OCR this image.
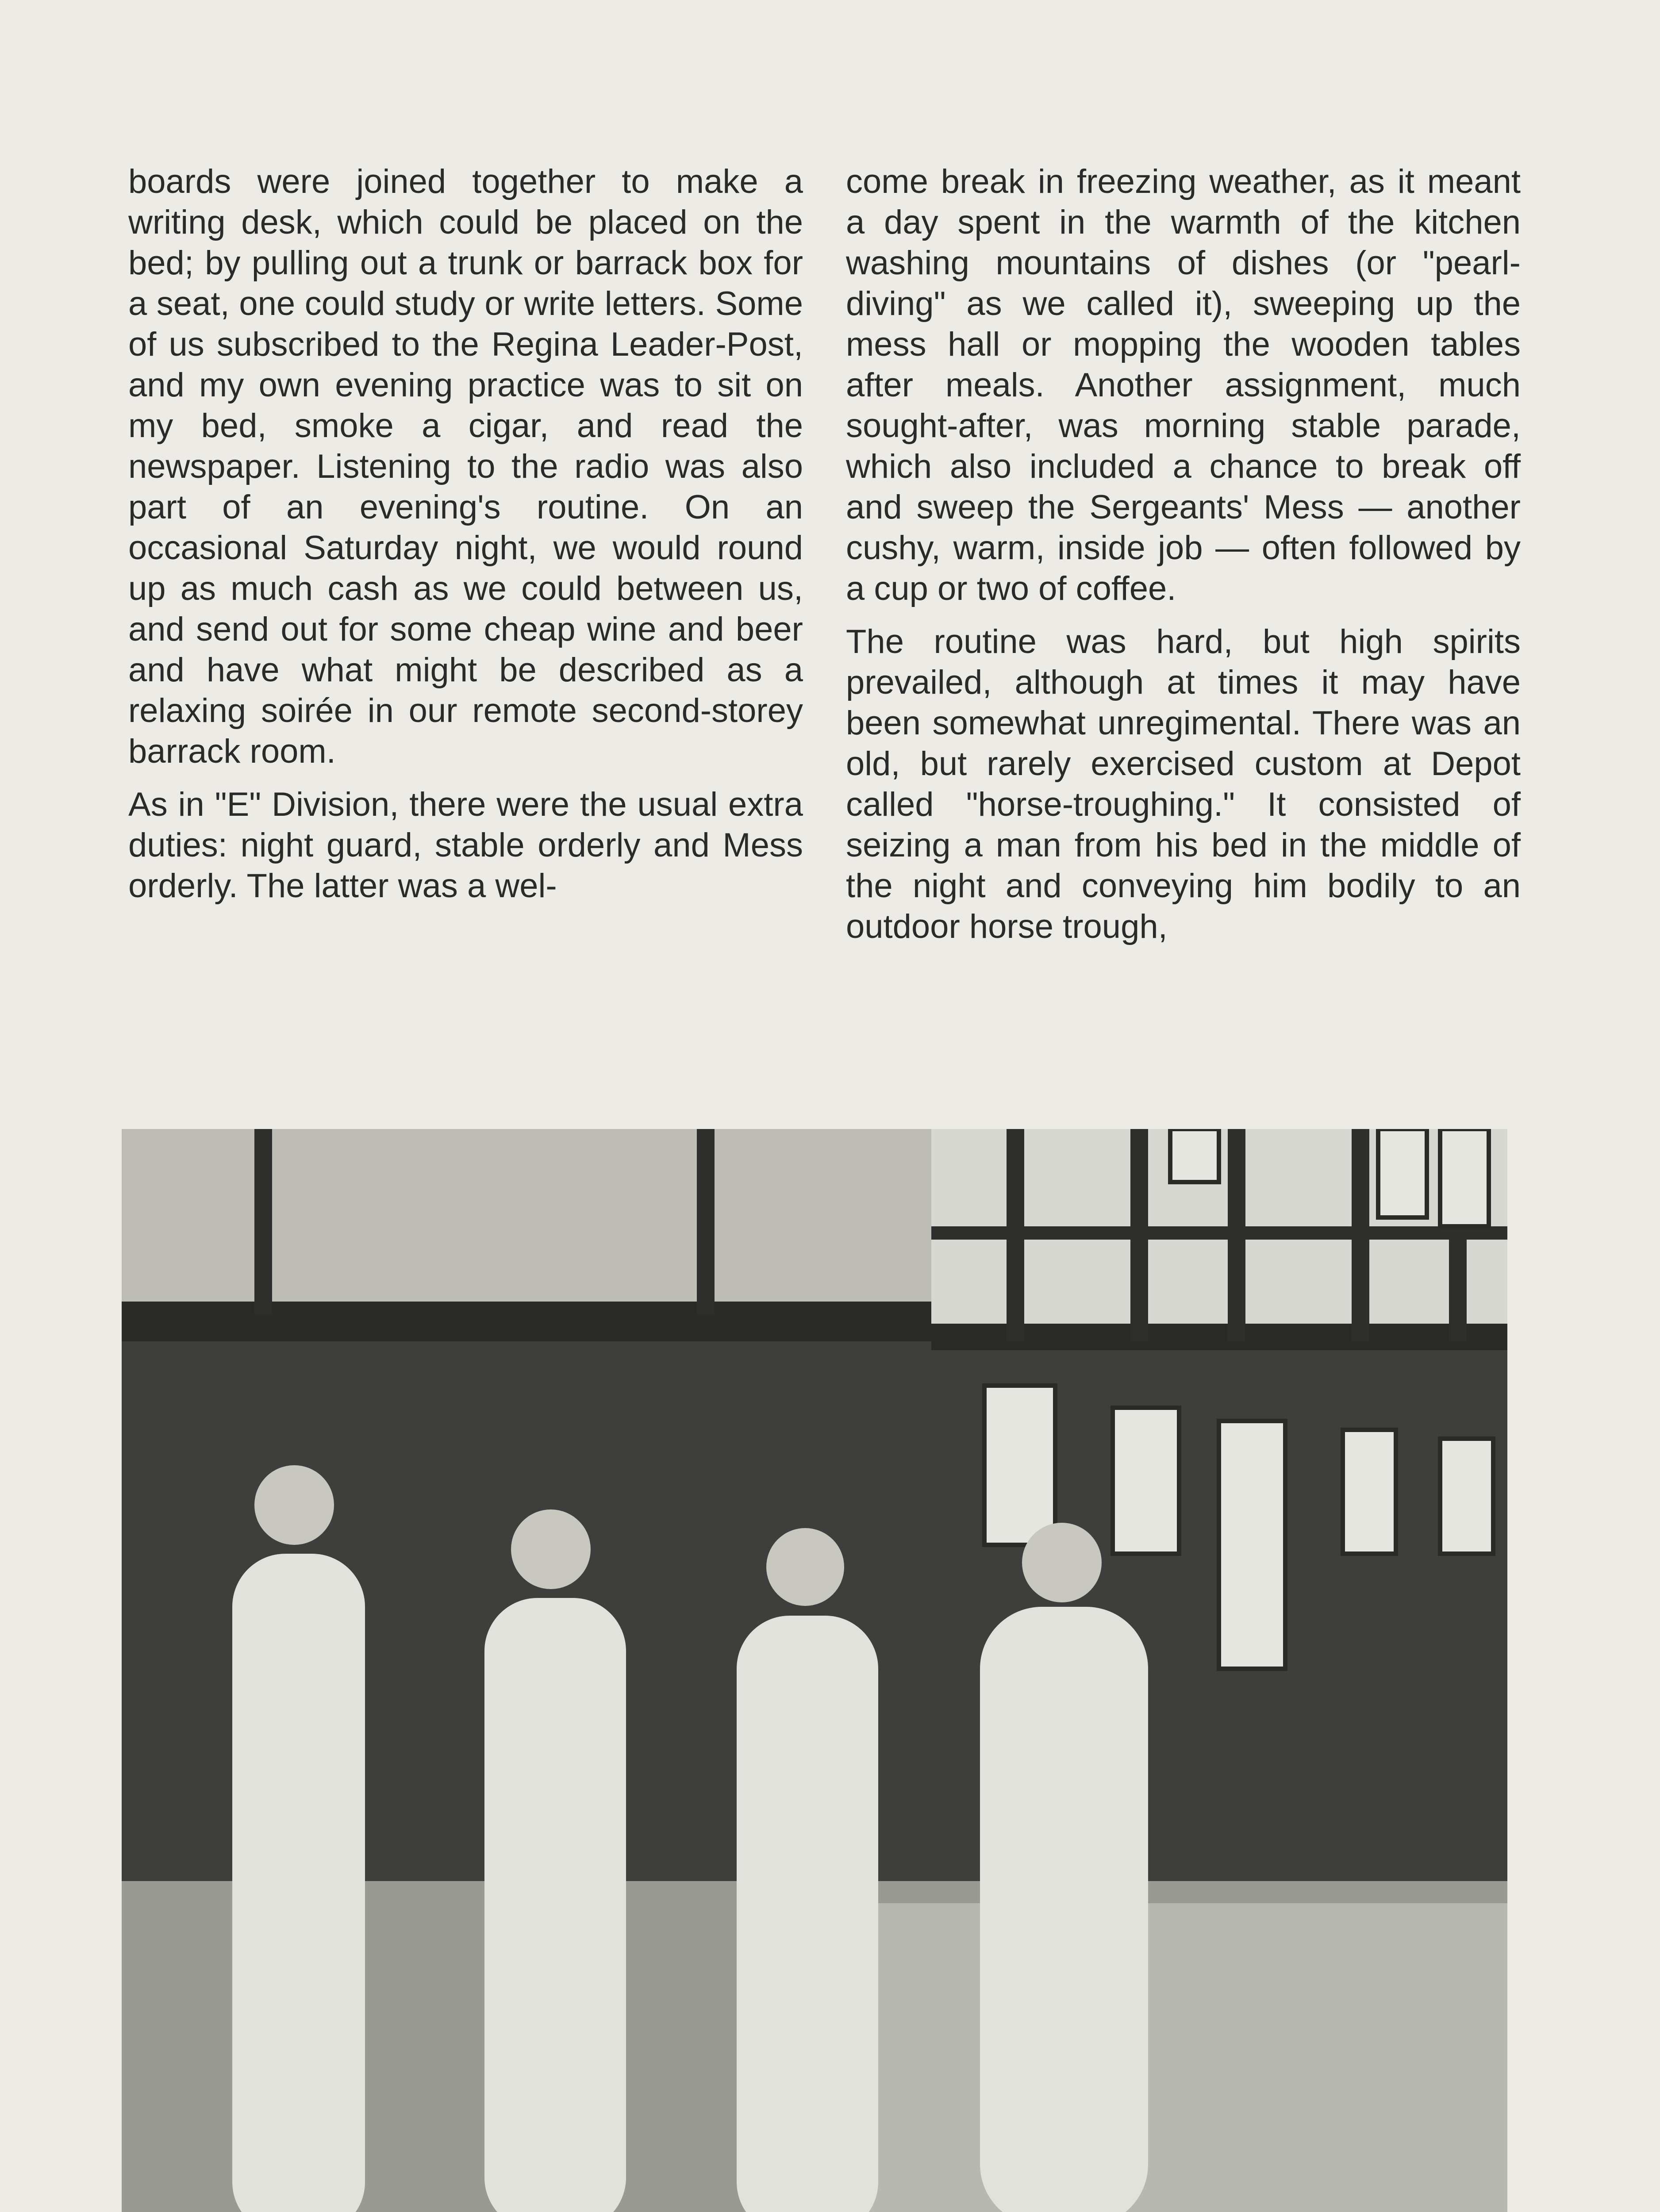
boards were joined together to make a writing desk, which could be placed on the bed; by pulling out a trunk or barrack box for a seat, one could study or write letters. Some of us subscribed to the Regina Leader-Post, and my own evening practice was to sit on my bed, smoke a cigar, and read the newspaper. Listening to the radio was also part of an evening's routine. On an occasional Saturday night, we would round up as much cash as we could between us, and send out for some cheap wine and beer and have what might be described as a relaxing soirée in our remote second-storey barrack room.

As in "E" Division, there were the usual extra duties: night guard, stable orderly and Mess orderly. The latter was a wel-

come break in freezing weather, as it meant a day spent in the warmth of the kitchen washing mountains of dishes (or "pearl-diving" as we called it), sweeping up the mess hall or mopping the wooden tables after meals. Another assignment, much sought-after, was morning stable parade, which also included a chance to break off and sweep the Sergeants' Mess — another cushy, warm, inside job — often followed by a cup or two of coffee.

The routine was hard, but high spirits prevailed, although at times it may have been somewhat unregimental. There was an old, but rarely exercised custom at Depot called "horse-troughing." It consisted of seizing a man from his bed in the middle of the night and conveying him bodily to an outdoor horse trough,
